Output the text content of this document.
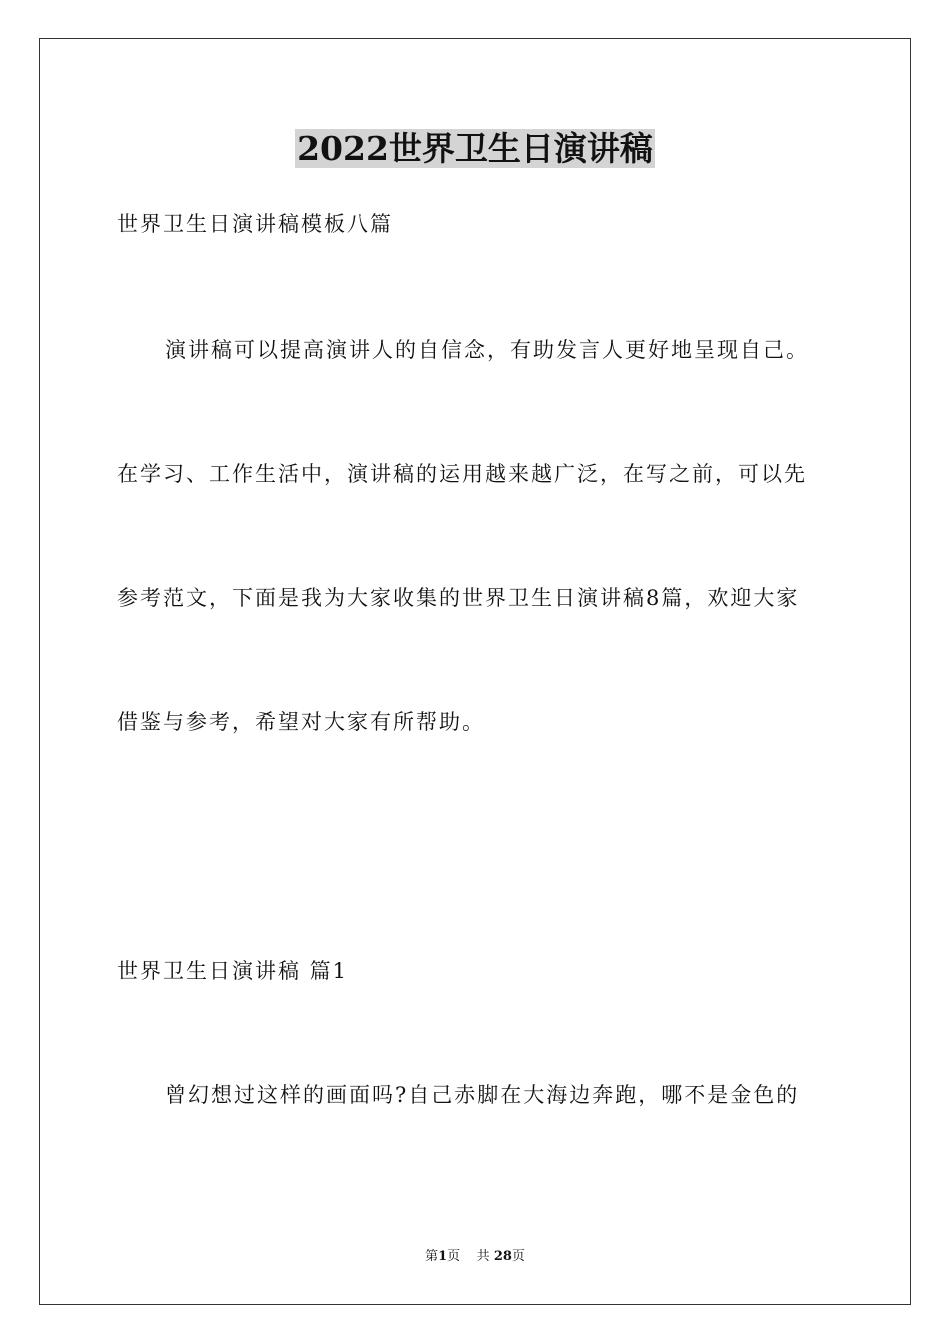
2022世界卫生日演讲稿
世界卫生日演讲稿模板八篇
演讲稿可以提高演讲人的自信念，有助发言人更好地呈现自己。
在学习、工作生活中，演讲稿的运用越来越广泛，在写之前，可以先
参考范文，下面是我为大家收集的世界卫生日演讲稿8篇，欢迎大家
借鉴与参考，希望对大家有所帮助。
世界卫生日演讲稿 篇1
曾幻想过这样的画面吗?自己赤脚在大海边奔跑，哪不是金色的
第1页 共 28页
